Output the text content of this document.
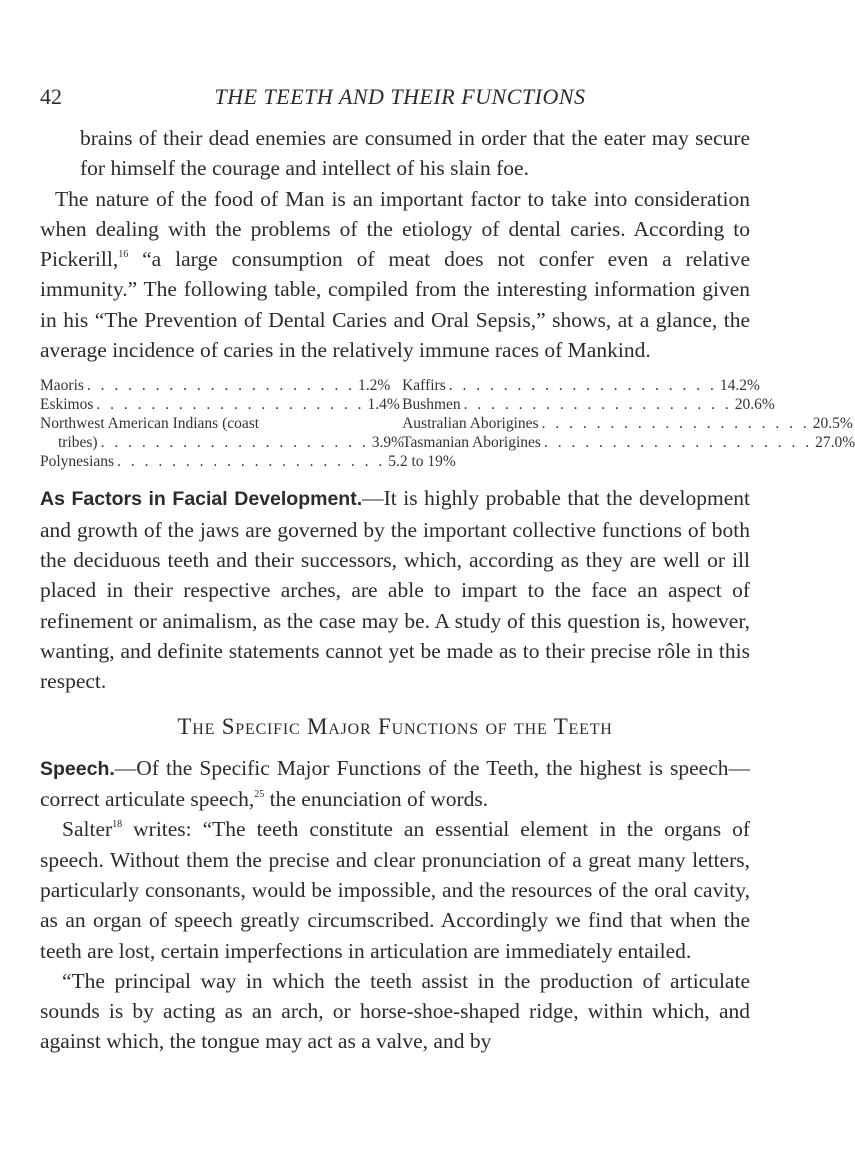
42	THE TEETH AND THEIR FUNCTIONS

brains of their dead enemies are consumed in order that the eater may secure for himself the courage and intellect of his slain foe.

The nature of the food of Man is an important factor to take into consideration when dealing with the problems of the etiology of dental caries. According to Pickerill,$^{16}$ “a large consumption of meat does not confer even a relative immunity.” The following table, compiled from the interesting information given in his “The Prevention of Dental Caries and Oral Sepsis,” shows, at a glance, the average incidence of caries in the relatively immune races of Mankind.

Maoris . . . . . . . . . . . . . . . . . . . . 1.2%
Eskimos . . . . . . . . . . . . . . . . . . . . 1.4%
Northwest American Indians (coast
tribes) . . . . . . . . . . . . . . . . . . . . 3.9%
Polynesians . . . . . . . . . . . . . . . . . . . . 5.2 to 19%
Kaffirs . . . . . . . . . . . . . . . . . . . . 14.2%
Bushmen . . . . . . . . . . . . . . . . . . . . 20.6%
Australian Aborigines . . . . . . . . . . . . . . . . . . . . 20.5%
Tasmanian Aborigines . . . . . . . . . . . . . . . . . . . . 27.0%

As Factors in Facial Development.—It is highly probable that the development and growth of the jaws are governed by the important collective functions of both the deciduous teeth and their successors, which, according as they are well or ill placed in their respective arches, are able to impart to the face an aspect of refinement or animalism, as the case may be. A study of this question is, however, wanting, and definite statements cannot yet be made as to their precise rôle in this respect.

The Specific Major Functions of the Teeth

Speech.—Of the Specific Major Functions of the Teeth, the highest is speech—correct articulate speech,$^{25}$ the enunciation of words.

Salter$^{18}$ writes: “The teeth constitute an essential element in the organs of speech. Without them the precise and clear pronunciation of a great many letters, particularly consonants, would be impossible, and the resources of the oral cavity, as an organ of speech greatly circumscribed. Accordingly we find that when the teeth are lost, certain imperfections in articulation are immediately entailed.

“The principal way in which the teeth assist in the production of articulate sounds is by acting as an arch, or horse-shoe-shaped ridge, within which, and against which, the tongue may act as a valve, and by
